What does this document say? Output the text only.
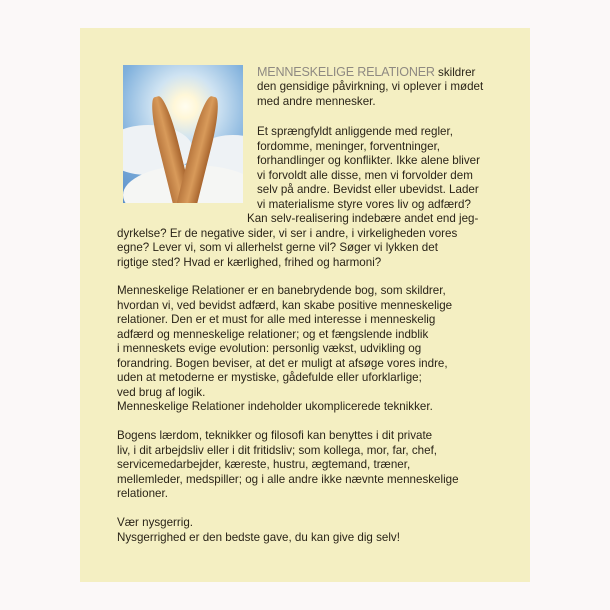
MENNESKELIGE RELATIONER skildrer
den gensidige påvirkning, vi oplever i mødet
med andre mennesker.
Et sprængfyldt anliggende med regler,
fordomme, meninger, forventninger,
forhandlinger og konflikter. Ikke alene bliver
vi forvoldt alle disse, men vi forvolder dem
selv på andre. Bevidst eller ubevidst. Lader
vi materialisme styre vores liv og adfærd?
Kan selv-realisering indebære andet end jeg-
dyrkelse? Er de negative sider, vi ser i andre, i virkeligheden vores
egne? Lever vi, som vi allerhelst gerne vil? Søger vi lykken det
rigtige sted? Hvad er kærlighed, frihed og harmoni?
Menneskelige Relationer er en banebrydende bog, som skildrer,
hvordan vi, ved bevidst adfærd, kan skabe positive menneskelige
relationer. Den er et must for alle med interesse i menneskelig
adfærd og menneskelige relationer; og et fængslende indblik
i menneskets evige evolution: personlig vækst, udvikling og
forandring. Bogen beviser, at det er muligt at afsøge vores indre,
uden at metoderne er mystiske, gådefulde eller uforklarlige;
ved brug af logik.
Menneskelige Relationer indeholder ukomplicerede teknikker.
Bogens lærdom, teknikker og filosofi kan benyttes i dit private
liv, i dit arbejdsliv eller i dit fritidsliv; som kollega, mor, far, chef,
servicemedarbejder, kæreste, hustru, ægtemand, træner,
mellemleder, medspiller; og i alle andre ikke nævnte menneskelige
relationer.
Vær nysgerrig.
Nysgerrighed er den bedste gave, du kan give dig selv!
